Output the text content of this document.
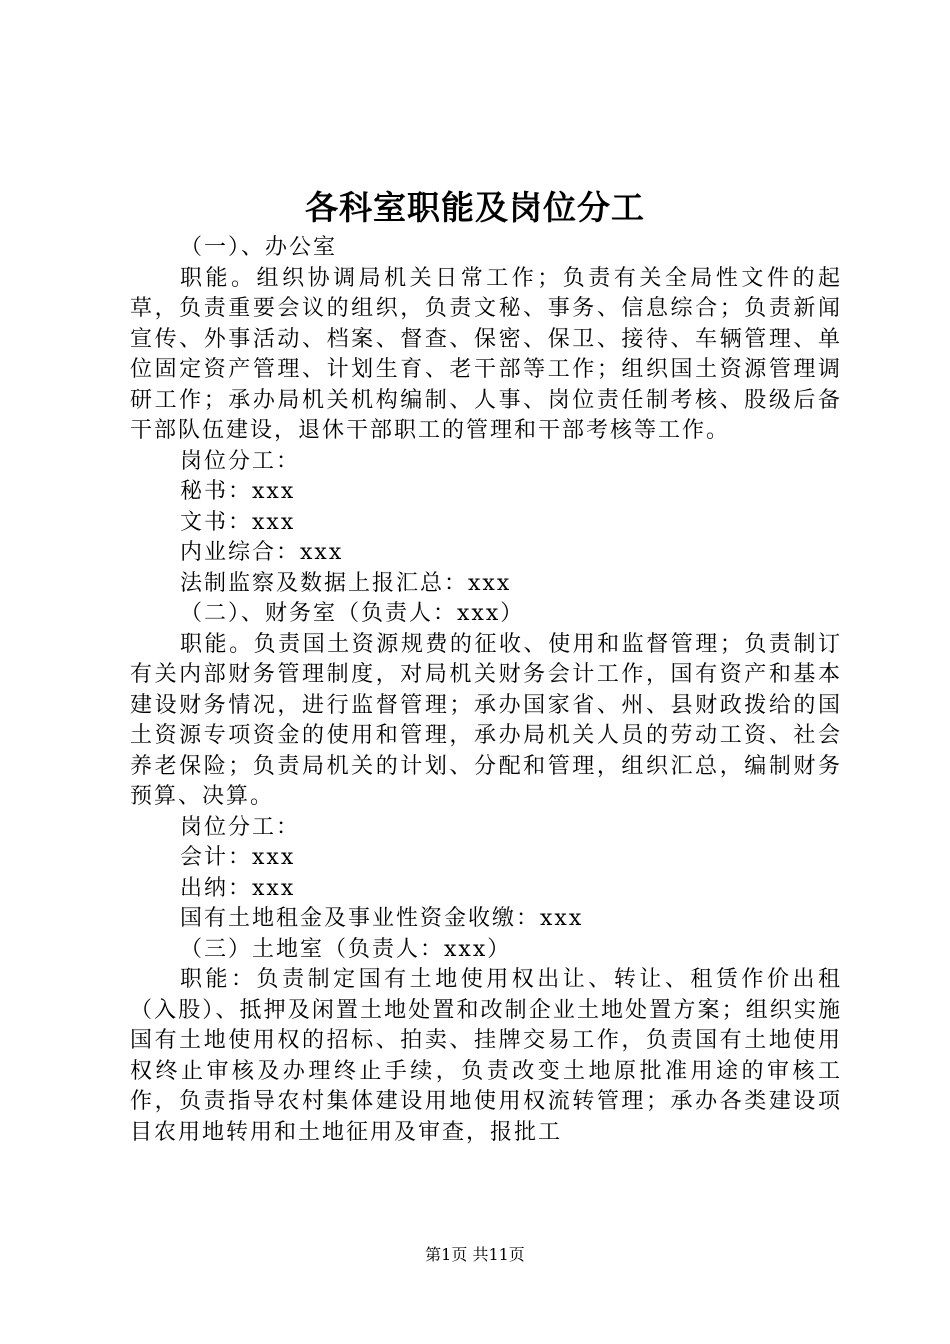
各科室职能及岗位分工

（一）、办公室

职能。组织协调局机关日常工作；负责有关全局性文件的起草，负责重要会议的组织，负责文秘、事务、信息综合；负责新闻宣传、外事活动、档案、督查、保密、保卫、接待、车辆管理、单位固定资产管理、计划生育、老干部等工作；组织国土资源管理调研工作；承办局机关机构编制、人事、岗位责任制考核、股级后备干部队伍建设，退休干部职工的管理和干部考核等工作。

岗位分工：

秘书：xxx

文书：xxx

内业综合：xxx

法制监察及数据上报汇总：xxx

（二）、财务室（负责人：xxx）

职能。负责国土资源规费的征收、使用和监督管理；负责制订有关内部财务管理制度，对局机关财务会计工作，国有资产和基本建设财务情况，进行监督管理；承办国家省、州、县财政拨给的国土资源专项资金的使用和管理，承办局机关人员的劳动工资、社会养老保险；负责局机关的计划、分配和管理，组织汇总，编制财务预算、决算。

岗位分工：

会计：xxx

出纳：xxx

国有土地租金及事业性资金收缴：xxx

（三）土地室（负责人：xxx）

职能：负责制定国有土地使用权出让、转让、租赁作价出租（入股）、抵押及闲置土地处置和改制企业土地处置方案；组织实施国有土地使用权的招标、拍卖、挂牌交易工作，负责国有土地使用权终止审核及办理终止手续，负责改变土地原批准用途的审核工作，负责指导农村集体建设用地使用权流转管理；承办各类建设项目农用地转用和土地征用及审查，报批工

第1页 共11页
